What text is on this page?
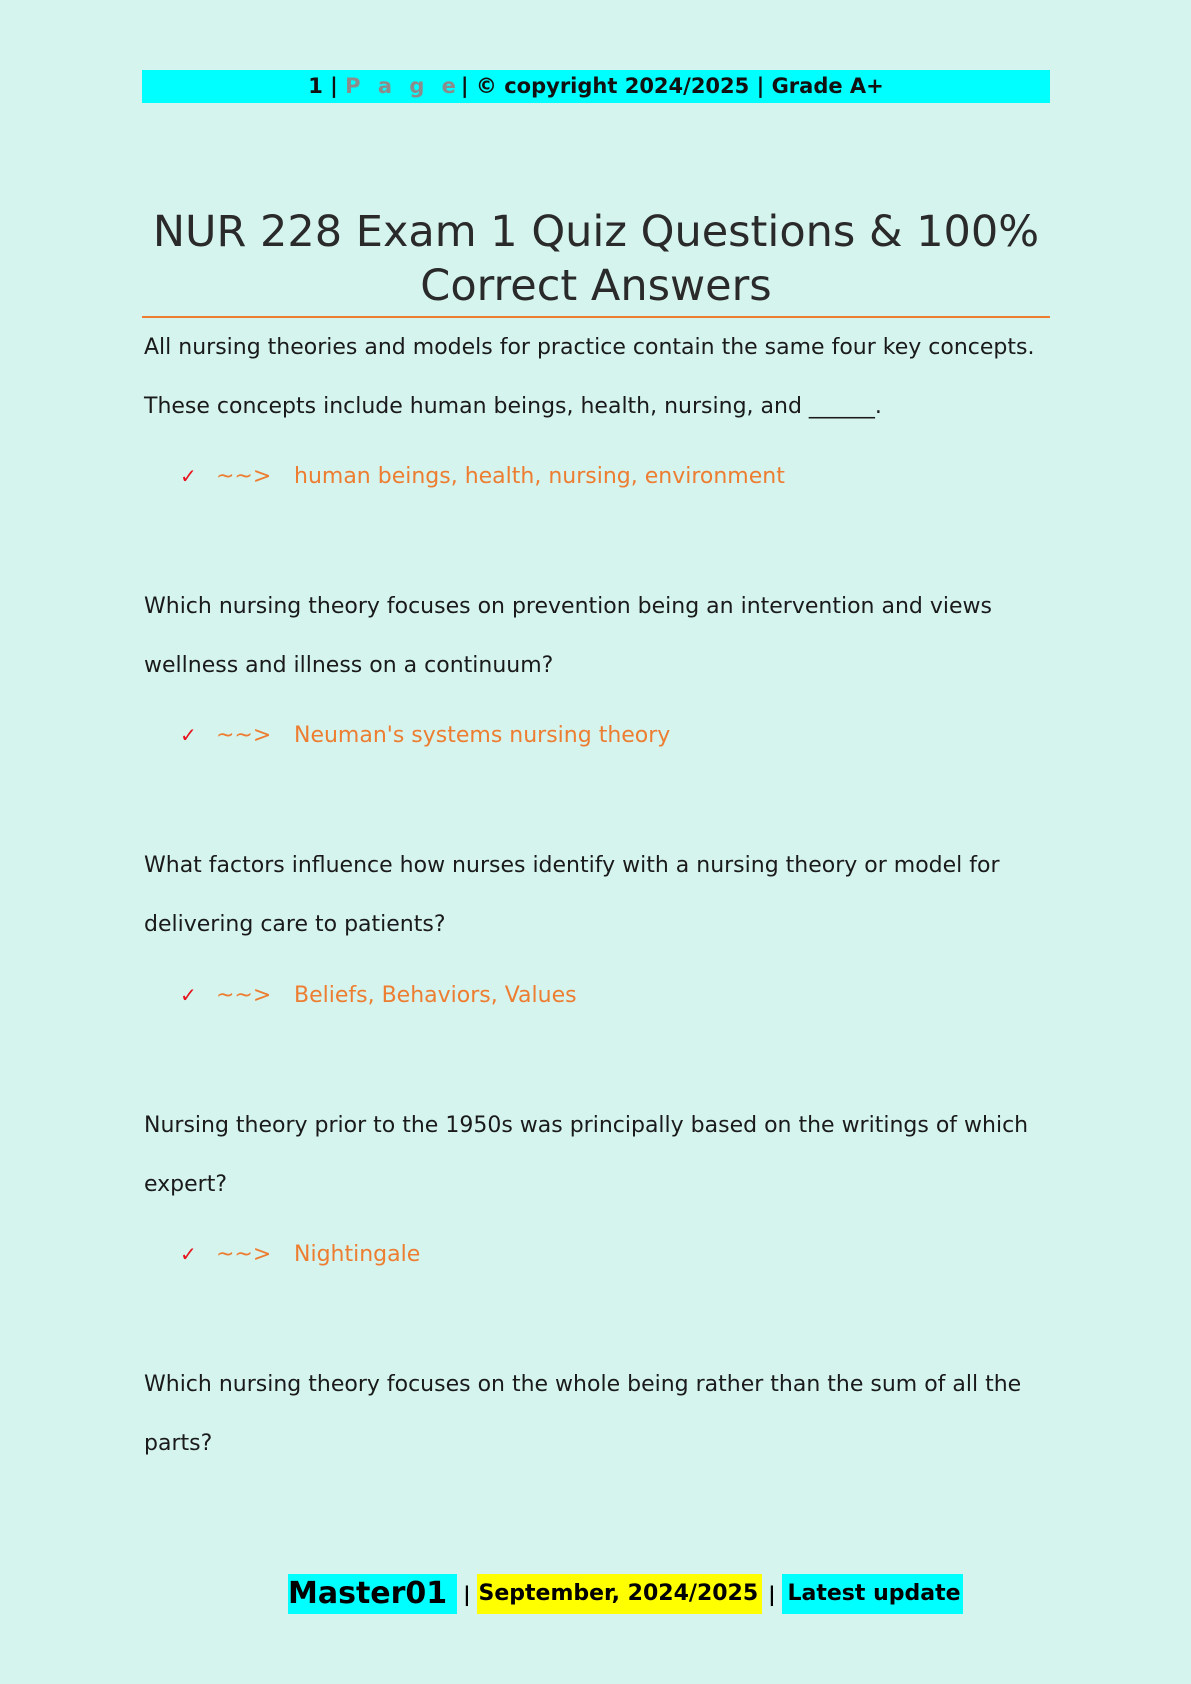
1 | P a g e| © copyright 2024/2025 | Grade A+
NUR 228 Exam 1 Quiz Questions & 100%
Correct Answers
All nursing theories and models for practice contain the same four key concepts. These concepts include human beings, health, nursing, and ______.
✓ ~~> human beings, health, nursing, environment
Which nursing theory focuses on prevention being an intervention and views wellness and illness on a continuum?
✓ ~~> Neuman's systems nursing theory
What factors influence how nurses identify with a nursing theory or model for delivering care to patients?
✓ ~~> Beliefs, Behaviors, Values
Nursing theory prior to the 1950s was principally based on the writings of which expert?
✓ ~~> Nightingale
Which nursing theory focuses on the whole being rather than the sum of all the parts?
Master01 | September, 2024/2025 | Latest update
